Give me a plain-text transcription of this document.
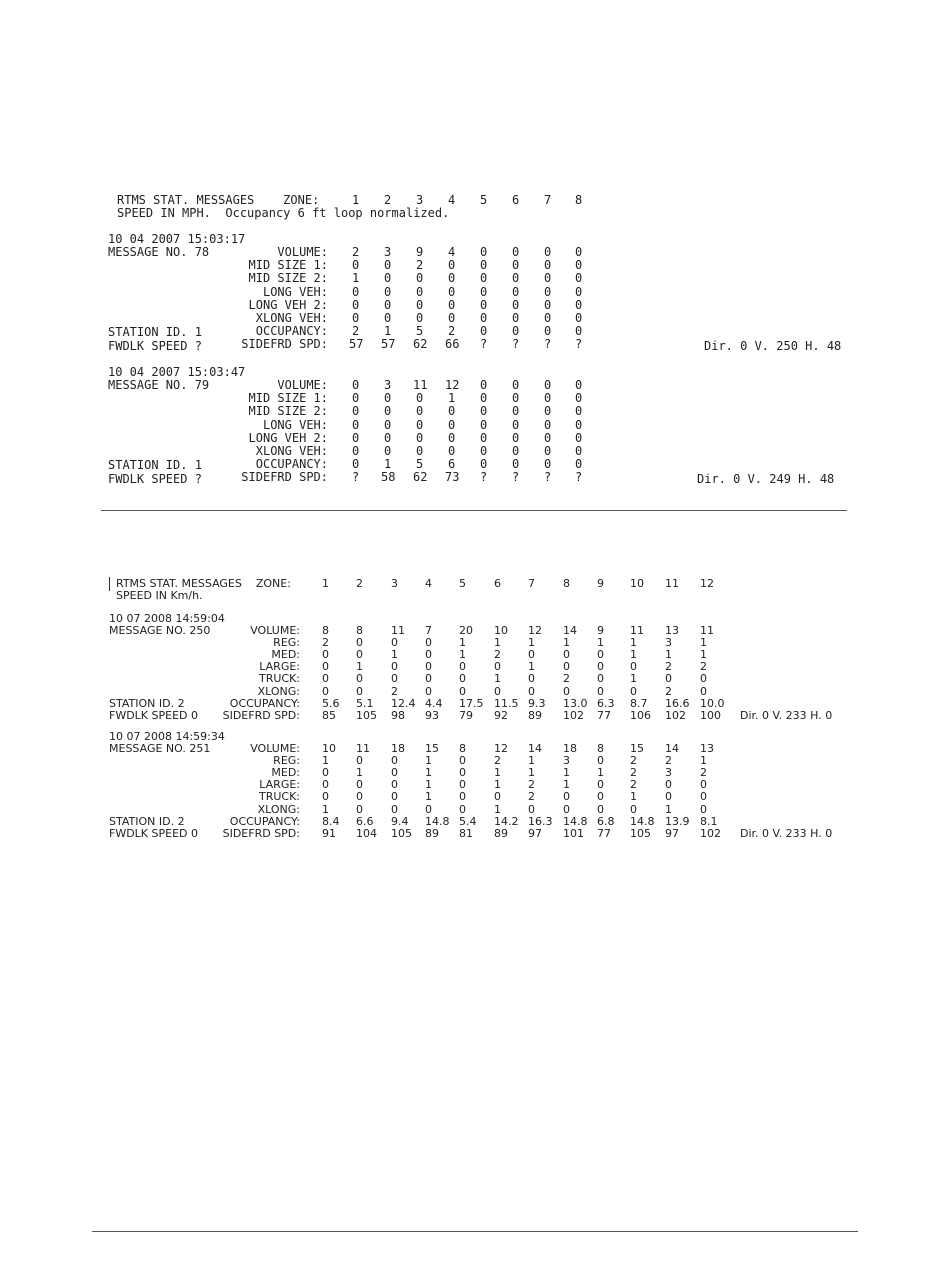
RTMS STAT. MESSAGES    ZONE:	1 2 3 4 5 6 7 8
SPEED IN MPH.  Occupancy 6 ft loop normalized.
10 04 2007 15:03:17
MESSAGE NO. 78
STATION ID. 1
FWDLK SPEED ?	Dir. 0 V. 250 H. 48
VOLUME: 2 3 9 4 0 0 0 0
MID SIZE 1: 0 0 2 0 0 0 0 0
MID SIZE 2: 1 0 0 0 0 0 0 0
LONG VEH: 0 0 0 0 0 0 0 0
LONG VEH 2: 0 0 0 0 0 0 0 0
XLONG VEH: 0 0 0 0 0 0 0 0
OCCUPANCY: 2 1 5 2 0 0 0 0
SIDEFRD SPD: 57 57 62 66 ? ? ? ?
10 04 2007 15:03:47
MESSAGE NO. 79
STATION ID. 1
FWDLK SPEED ?	Dir. 0 V. 249 H. 48
VOLUME: 0 3 11 12 0 0 0 0
MID SIZE 1: 0 0 0 1 0 0 0 0
MID SIZE 2: 0 0 0 0 0 0 0 0
LONG VEH: 0 0 0 0 0 0 0 0
LONG VEH 2: 0 0 0 0 0 0 0 0
XLONG VEH: 0 0 0 0 0 0 0 0
OCCUPANCY: 0 1 5 6 0 0 0 0
SIDEFRD SPD: ? 58 62 73 ? ? ? ?
RTMS STAT. MESSAGES    ZONE:	1 2	3 4 5	6 7	8 9 10 11 12
SPEED IN Km/h.
10 07 2008 14:59:04
MESSAGE NO. 250
STATION ID. 2
FWDLK SPEED 0	Dir. 0 V. 233 H. 0
VOLUME: 8 8	11 7 20 10 12 14 9 11 13 11
REG: 2 0	0 0 1	1 1	1 1 1	3	1
MED: 0 0	1 0 1	2 0	0 0 1	1	1
LARGE: 0 1	0 0 0	0 1	0 0 0	2	2
TRUCK: 0 0	0 0 0	1 0	2 0 1	0	0
XLONG: 0 0	2 0 0	0 0	0 0 0	2	0
OCCUPANCY: 5.6 5.1 12.4 4.4 17.5 11.5 9.3 13.0 6.3 8.7 16.6 10.0
SIDEFRD SPD: 85 105 98 93 79 92 89 102 77 106 102 100
10 07 2008 14:59:34
MESSAGE NO. 251
STATION ID. 2
FWDLK SPEED 0	Dir. 0 V. 233 H. 0
VOLUME: 10 11 18 15 8	12 14 18 8 15 14 13
REG: 1 0	0 1 0	2 1	3 0 2	2	1
MED: 0 1	0 1 0	1 1	1 1 2	3	2
LARGE: 0 0	0 1 0	1 2	1 0 2	0	0
TRUCK: 0 0	0 1 0	0 2	0 0 1	0	0
XLONG: 1 0	0 0 0	1 0	0 0 0	1	0
OCCUPANCY: 8.4 6.6 9.4 14.8 5.4 14.2 16.3 14.8 6.8 14.8 13.9 8.1
SIDEFRD SPD: 91 104 105 89 81 89 97 101 77 105 97 102
